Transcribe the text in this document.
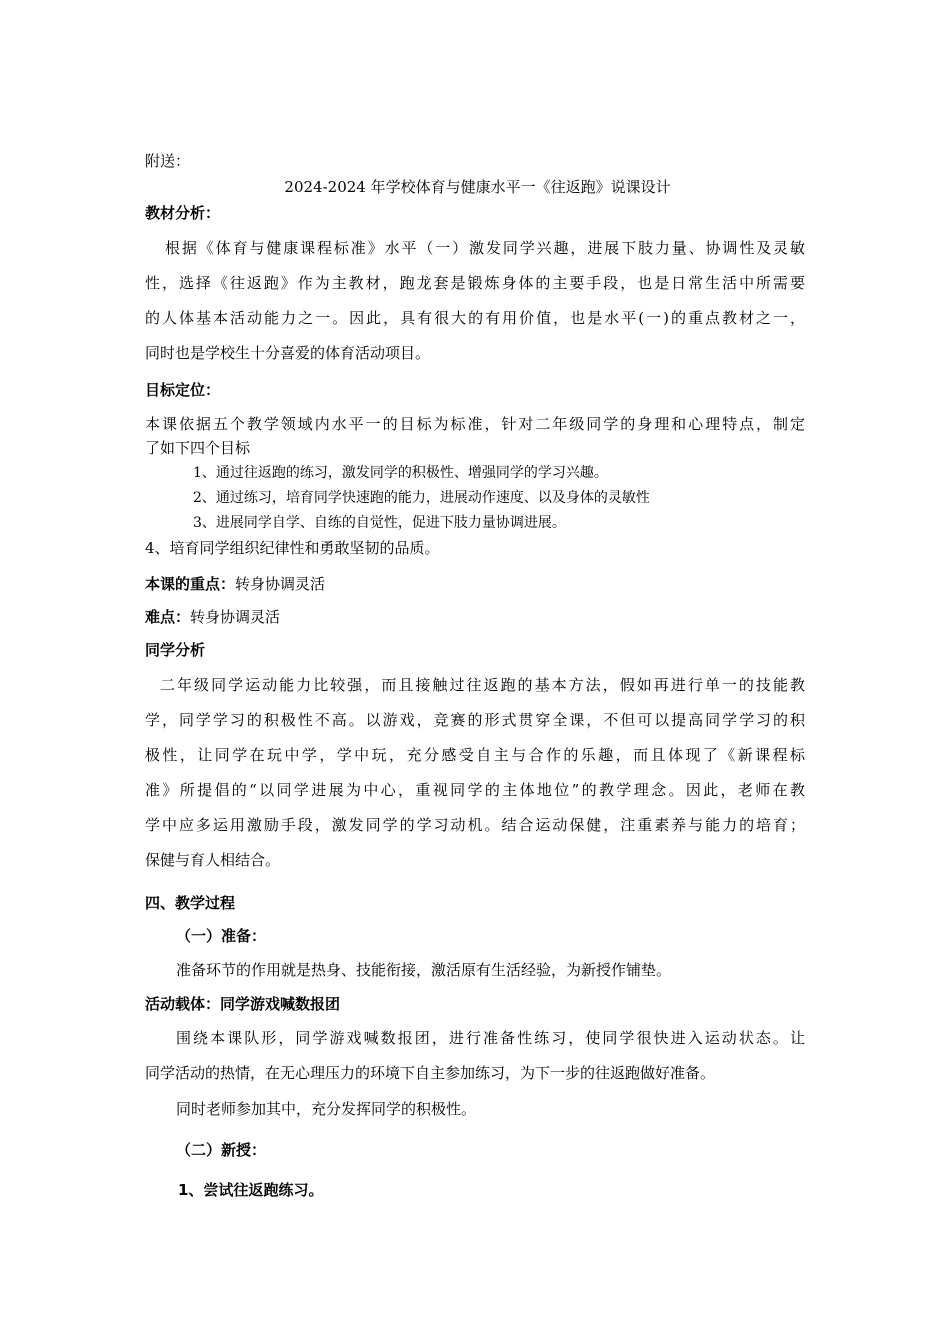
附送：
2024-2024 年学校体育与健康水平一《往返跑》说课设计
教材分析：
根据《体育与健康课程标准》水平（一）激发同学兴趣，进展下肢力量、协调性及灵敏
性，选择《往返跑》作为主教材，跑龙套是锻炼身体的主要手段，也是日常生活中所需要
的人体基本活动能力之一。因此，具有很大的有用价值，也是水平(一)的重点教材之一，
同时也是学校生十分喜爱的体育活动项目。
目标定位：
本课依据五个教学领域内水平一的目标为标准，针对二年级同学的身理和心理特点，制定
了如下四个目标
1、通过往返跑的练习，激发同学的积极性、增强同学的学习兴趣。
2、通过练习，培育同学快速跑的能力，进展动作速度、以及身体的灵敏性
3、进展同学自学、自练的自觉性，促进下肢力量协调进展。
4、培育同学组织纪律性和勇敢坚韧的品质。
本课的重点：转身协调灵活
难点：转身协调灵活
同学分析
二年级同学运动能力比较强，而且接触过往返跑的基本方法，假如再进行单一的技能教
学，同学学习的积极性不高。以游戏，竞赛的形式贯穿全课，不但可以提高同学学习的积
极性，让同学在玩中学，学中玩，充分感受自主与合作的乐趣，而且体现了《新课程标
准》所提倡的“以同学进展为中心，重视同学的主体地位”的教学理念。因此，老师在教
学中应多运用激励手段，激发同学的学习动机。结合运动保健，注重素养与能力的培育；
保健与育人相结合。
四、教学过程
（一）准备：
准备环节的作用就是热身、技能衔接，激活原有生活经验，为新授作铺垫。
活动载体：同学游戏喊数报团
围绕本课队形，同学游戏喊数报团，进行准备性练习，使同学很快进入运动状态。让
同学活动的热情，在无心理压力的环境下自主参加练习，为下一步的往返跑做好准备。
同时老师参加其中，充分发挥同学的积极性。
（二）新授：
1、尝试往返跑练习。
